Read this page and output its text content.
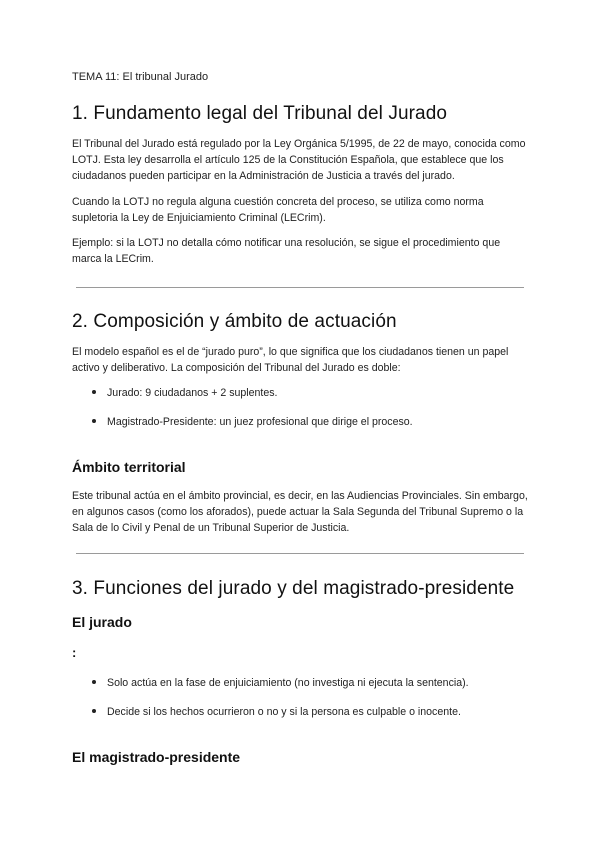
TEMA 11: El tribunal Jurado

1. Fundamento legal del Tribunal del Jurado

El Tribunal del Jurado está regulado por la Ley Orgánica 5/1995, de 22 de mayo, conocida como LOTJ. Esta ley desarrolla el artículo 125 de la Constitución Española, que establece que los ciudadanos pueden participar en la Administración de Justicia a través del jurado.

Cuando la LOTJ no regula alguna cuestión concreta del proceso, se utiliza como norma supletoria la Ley de Enjuiciamiento Criminal (LECrim).

Ejemplo: si la LOTJ no detalla cómo notificar una resolución, se sigue el procedimiento que marca la LECrim.

2. Composición y ámbito de actuación

El modelo español es el de “jurado puro”, lo que significa que los ciudadanos tienen un papel activo y deliberativo. La composición del Tribunal del Jurado es doble:

Jurado: 9 ciudadanos + 2 suplentes.
Magistrado-Presidente: un juez profesional que dirige el proceso.
Ámbito territorial

Este tribunal actúa en el ámbito provincial, es decir, en las Audiencias Provinciales. Sin embargo, en algunos casos (como los aforados), puede actuar la Sala Segunda del Tribunal Supremo o la Sala de lo Civil y Penal de un Tribunal Superior de Justicia.

3. Funciones del jurado y del magistrado-presidente
El jurado
:
Solo actúa en la fase de enjuiciamiento (no investiga ni ejecuta la sentencia).
Decide si los hechos ocurrieron o no y si la persona es culpable o inocente.
El magistrado-presidente
